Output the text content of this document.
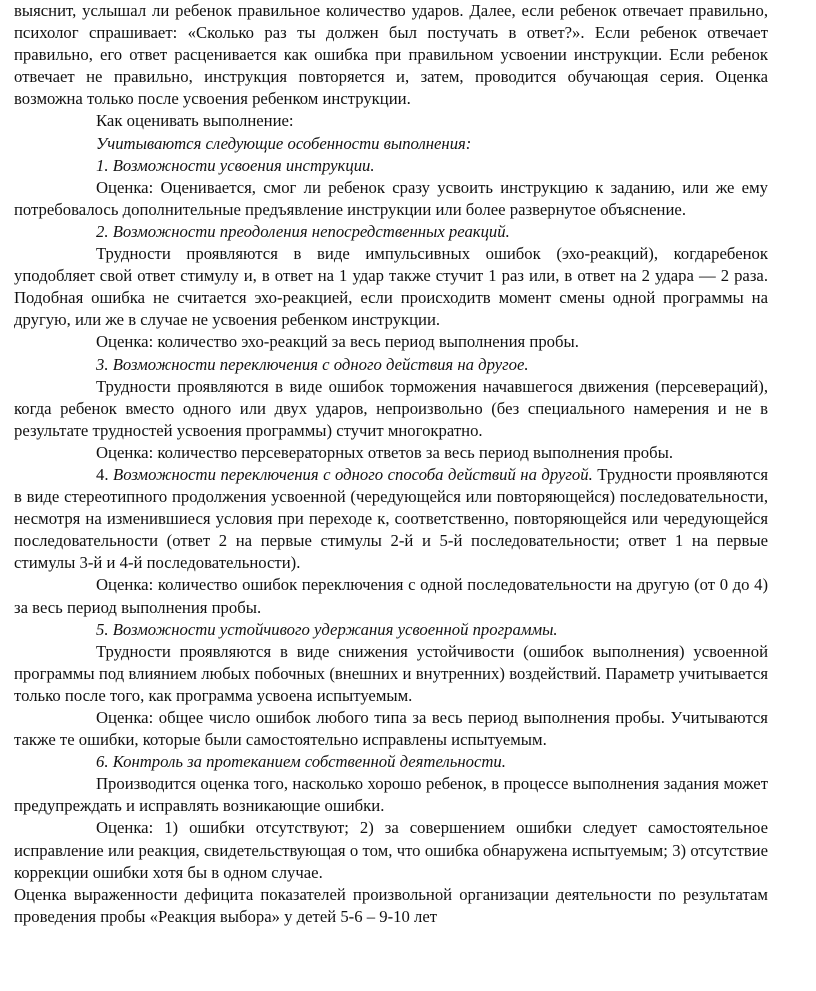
выяснит, услышал ли ребенок правильное количество ударов. Далее, если ребенок отвечает правильно, психолог спрашивает: «Сколько раз ты должен был постучать в ответ?». Если ребенок отвечает правильно, его ответ расценивается как ошибка при правильном усвоении инструкции. Если ребенок отвечает не правильно, инструкция повторяется и, затем, проводится обучающая серия. Оценка возможна только после усвоения ребенком инструкции.

Как оценивать выполнение:

Учитываются следующие особенности выполнения:

1. Возможности усвоения инструкции.

Оценка: Оценивается, смог ли ребенок сразу усвоить инструкцию к заданию, или же ему потребовалось дополнительные предъявление инструкции или более развернутое объяснение.

2. Возможности преодоления непосредственных реакций.

Трудности проявляются в виде импульсивных ошибок (эхо-реакций), когдаребенок уподобляет свой ответ стимулу и, в ответ на 1 удар также стучит 1 раз или, в ответ на 2 удара — 2 раза. Подобная ошибка не считается эхо-реакцией, если происходитв момент смены одной программы на другую, или же в случае не усвоения ребенком инструкции.

Оценка: количество эхо-реакций за весь период выполнения пробы.

3. Возможности переключения с одного действия на другое.

Трудности проявляются в виде ошибок торможения начавшегося движения (персевераций), когда ребенок вместо одного или двух ударов, непроизвольно (без специального намерения и не в результате трудностей усвоения программы) стучит многократно.

Оценка: количество персевераторных ответов за весь период выполнения пробы.

4. Возможности переключения с одного способа действий на другой. Трудности проявляются в виде стереотипного продолжения усвоенной (чередующейся или повторяющейся) последовательности, несмотря на изменившиеся условия при переходе к, соответственно, повторяющейся или чередующейся последовательности (ответ 2 на первые стимулы 2-й и 5-й последовательности; ответ 1 на первые стимулы 3-й и 4-й последовательности).

Оценка: количество ошибок переключения с одной последовательности на другую (от 0 до 4) за весь период выполнения пробы.

5. Возможности устойчивого удержания усвоенной программы.

Трудности проявляются в виде снижения устойчивости (ошибок выполнения) усвоенной программы под влиянием любых побочных (внешних и внутренних) воздействий. Параметр учитывается только после того, как программа усвоена испытуемым.

Оценка: общее число ошибок любого типа за весь период выполнения пробы. Учитываются также те ошибки, которые были самостоятельно исправлены испытуемым.

6. Контроль за протеканием собственной деятельности.

Производится оценка того, насколько хорошо ребенок, в процессе выполнения задания может предупреждать и исправлять возникающие ошибки.

Оценка: 1) ошибки отсутствуют; 2) за совершением ошибки следует самостоятельное исправление или реакция, свидетельствующая о том, что ошибка обнаружена испытуемым; 3) отсутствие коррекции ошибки хотя бы в одном случае.

Оценка выраженности дефицита показателей произвольной организации деятельности по результатам проведения пробы «Реакция выбора» у детей 5-6 – 9-10 лет
